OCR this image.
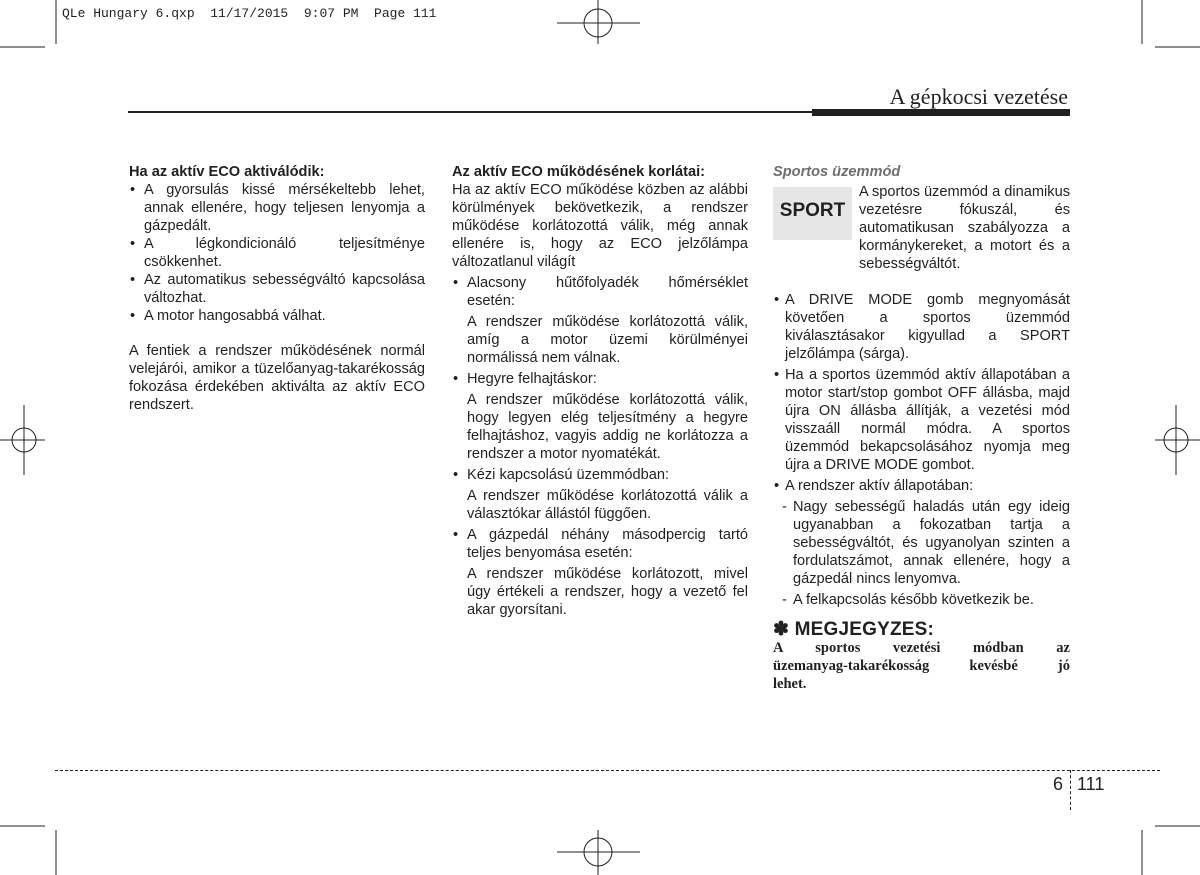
QLe Hungary 6.qxp  11/17/2015  9:07 PM  Page 111
A gépkocsi vezetése

Ha az aktív ECO aktiválódik:

• A gyorsulás kissé mérsékeltebb lehet, annak ellenére, hogy teljesen lenyomja a gázpedált.

• A légkondicionáló teljesítménye csökkenhet.

• Az automatikus sebességváltó kapcsolása változhat.

• A motor hangosabbá válhat.

A fentiek a rendszer működésének normál velejárói, amikor a tüzelőanyag-takarékosság fokozása érdekében aktiválta az aktív ECO rendszert.

Az aktív ECO működésének korlátai:

Ha az aktív ECO működése közben az alábbi körülmények bekövetkezik, a rendszer működése korlátozottá válik, még annak ellenére is, hogy az ECO jelzőlámpa változatlanul világít

• Alacsony hűtőfolyadék hőmérséklet esetén:

A rendszer működése korlátozottá válik, amíg a motor üzemi körülményei normálissá nem válnak.

• Hegyre felhajtáskor:

A rendszer működése korlátozottá válik, hogy legyen elég teljesítmény a hegyre felhajtáshoz, vagyis addig ne korlátozza a rendszer a motor nyomatékát.

• Kézi kapcsolású üzemmódban:

A rendszer működése korlátozottá válik a választókar állástól függően.

• A gázpedál néhány másodpercig tartó teljes benyomása esetén:

A rendszer működése korlátozott, mivel úgy értékeli a rendszer, hogy a vezető fel akar gyorsítani.

Sportos üzemmód

SPORT

A sportos üzemmód a dinamikus vezetésre fókuszál, és automatikusan szabályozza a kormánykereket, a motort és a sebességváltót.

• A DRIVE MODE gomb megnyomását követően a sportos üzemmód kiválasztásakor kigyullad a SPORT jelzőlámpa (sárga).

• Ha a sportos üzemmód aktív állapotában a motor start/stop gombot OFF állásba, majd újra ON állásba állítják, a vezetési mód visszaáll normál módra. A sportos üzemmód bekapcsolásához nyomja meg újra a DRIVE MODE gombot.

• A rendszer aktív állapotában:

- Nagy sebességű haladás után egy ideig ugyanabban a fokozatban tartja a sebességváltót, és ugyanolyan szinten a fordulatszámot, annak ellenére, hogy a gázpedál nincs lenyomva.

- A felkapcsolás később következik be.

✽ MEGJEGYZES:

A sportos vezetési módban az

üzemanyag-takarékosság kevésbé jó

lehet.

6 111
